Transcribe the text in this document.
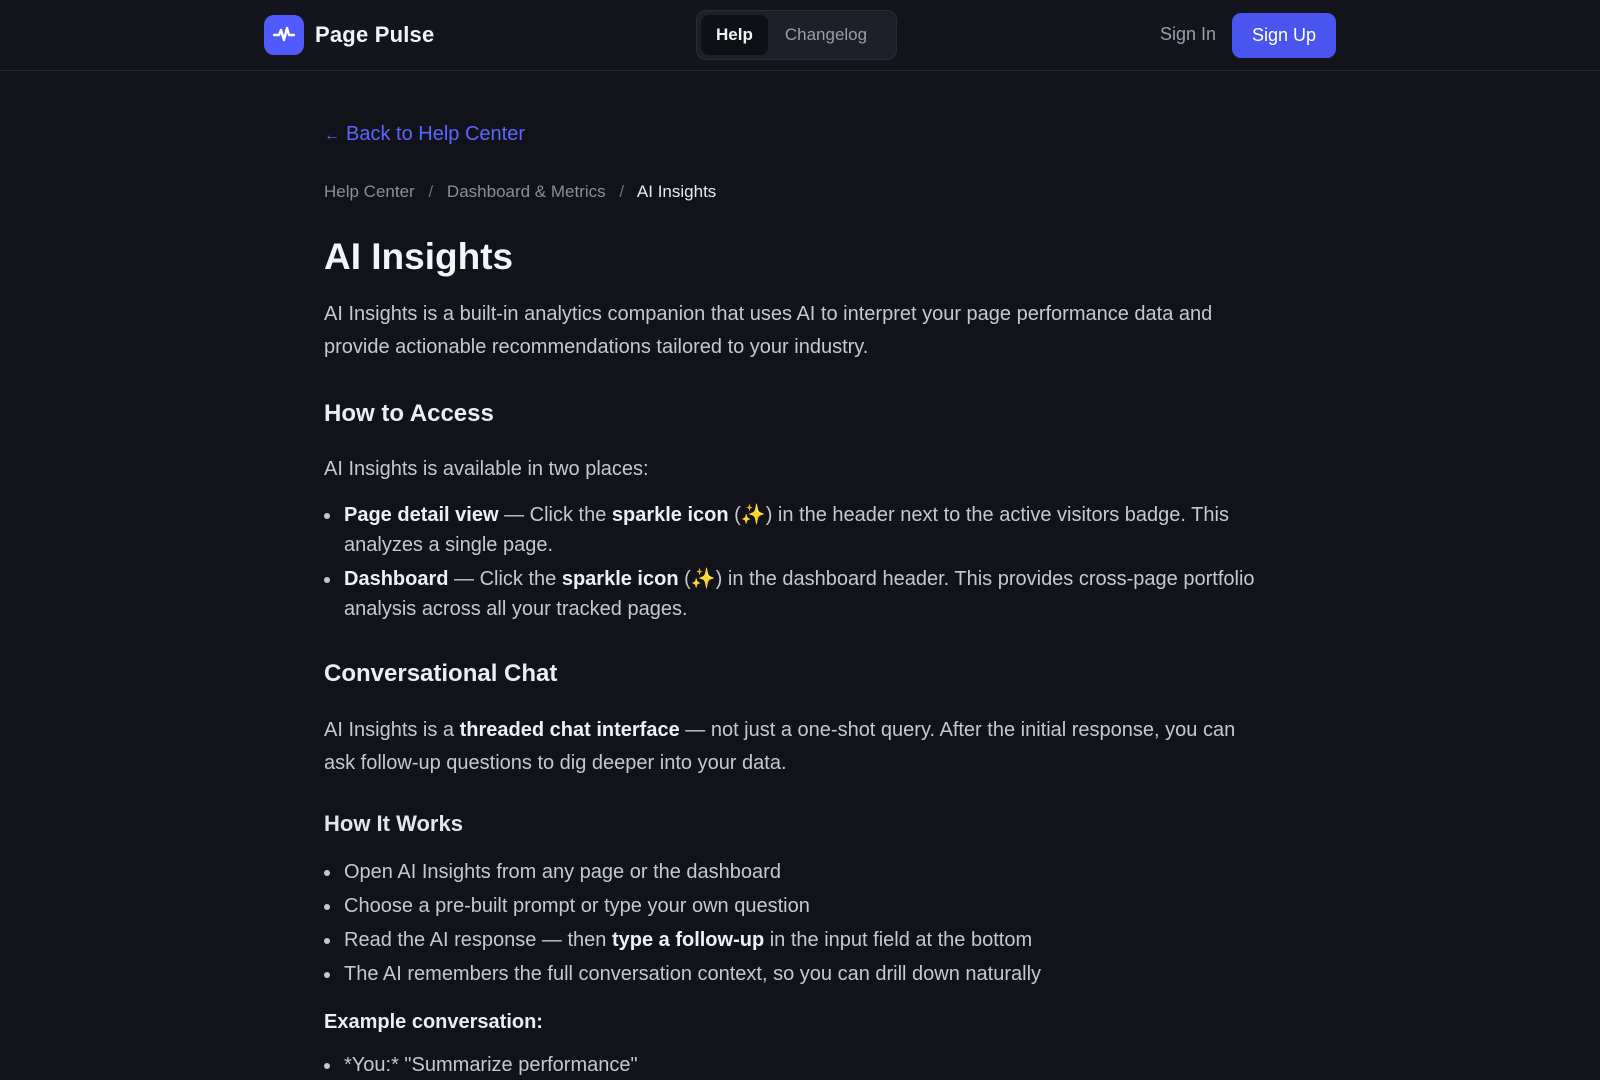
Page Pulse	Help	Changelog	Sign In	Sign Up
← Back to Help Center
Help Center / Dashboard & Metrics / AI Insights
AI Insights

AI Insights is a built-in analytics companion that uses AI to interpret your page performance data and provide actionable recommendations tailored to your industry.

How to Access

AI Insights is available in two places:

Page detail view — Click the sparkle icon (✨) in the header next to the active visitors badge. This analyzes a single page.
Dashboard — Click the sparkle icon (✨) in the dashboard header. This provides cross-page portfolio analysis across all your tracked pages.
Conversational Chat

AI Insights is a threaded chat interface — not just a one-shot query. After the initial response, you can ask follow-up questions to dig deeper into your data.

How It Works
Open AI Insights from any page or the dashboard
Choose a pre-built prompt or type your own question
Read the AI response — then type a follow-up in the input field at the bottom
The AI remembers the full conversation context, so you can drill down naturally

Example conversation:

*You:* "Summarize performance"
